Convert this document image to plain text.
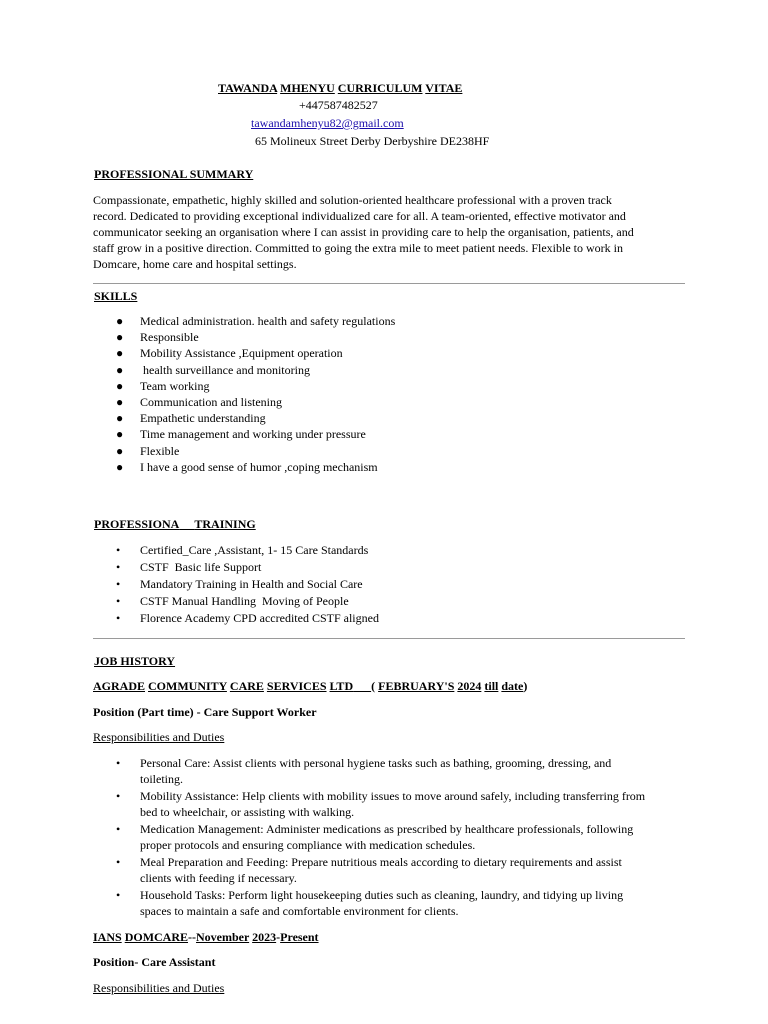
TAWANDA MHENYU CURRICULUM VITAE
+447587482527
tawandamhenyu82@gmail.com
65 Molineux Street Derby Derbyshire DE238HF
PROFESSIONAL SUMMARY
Compassionate, empathetic, highly skilled and solution-oriented healthcare professional with a proven track
record. Dedicated to providing exceptional individualized care for all. A team-oriented, effective motivator and
communicator seeking an organisation where I can assist in providing care to help the organisation, patients, and
staff grow in a positive direction. Committed to going the extra mile to meet patient needs. Flexible to work in
Domcare, home care and hospital settings.
SKILLS
● Medical administration. health and safety regulations
● Responsible
● Mobility Assistance ,Equipment operation
● health surveillance and monitoring
● Team working
● Communication and listening
● Empathetic understanding
● Time management and working under pressure
● Flexible
● I have a good sense of humor ,coping mechanism
PROFESSIONA TRAINING
• Certified_Care ,Assistant, 1- 15 Care Standards
• CSTF  Basic life Support
• Mandatory Training in Health and Social Care
• CSTF Manual Handling  Moving of People
• Florence Academy CPD accredited CSTF aligned
JOB HISTORY
AGRADE COMMUNITY CARE SERVICES LTD ( FEBRUARY'S 2024 till date)
Position (Part time) - Care Support Worker
Responsibilities and Duties
• Personal Care: Assist clients with personal hygiene tasks such as bathing, grooming, dressing, and toileting.
• Mobility Assistance: Help clients with mobility issues to move around safely, including transferring from bed to wheelchair, or assisting with walking.
• Medication Management: Administer medications as prescribed by healthcare professionals, following proper protocols and ensuring compliance with medication schedules.
• Meal Preparation and Feeding: Prepare nutritious meals according to dietary requirements and assist clients with feeding if necessary.
• Household Tasks: Perform light housekeeping duties such as cleaning, laundry, and tidying up living spaces to maintain a safe and comfortable environment for clients.
IANS DOMCARE--November 2023-Present
Position- Care Assistant
Responsibilities and Duties
